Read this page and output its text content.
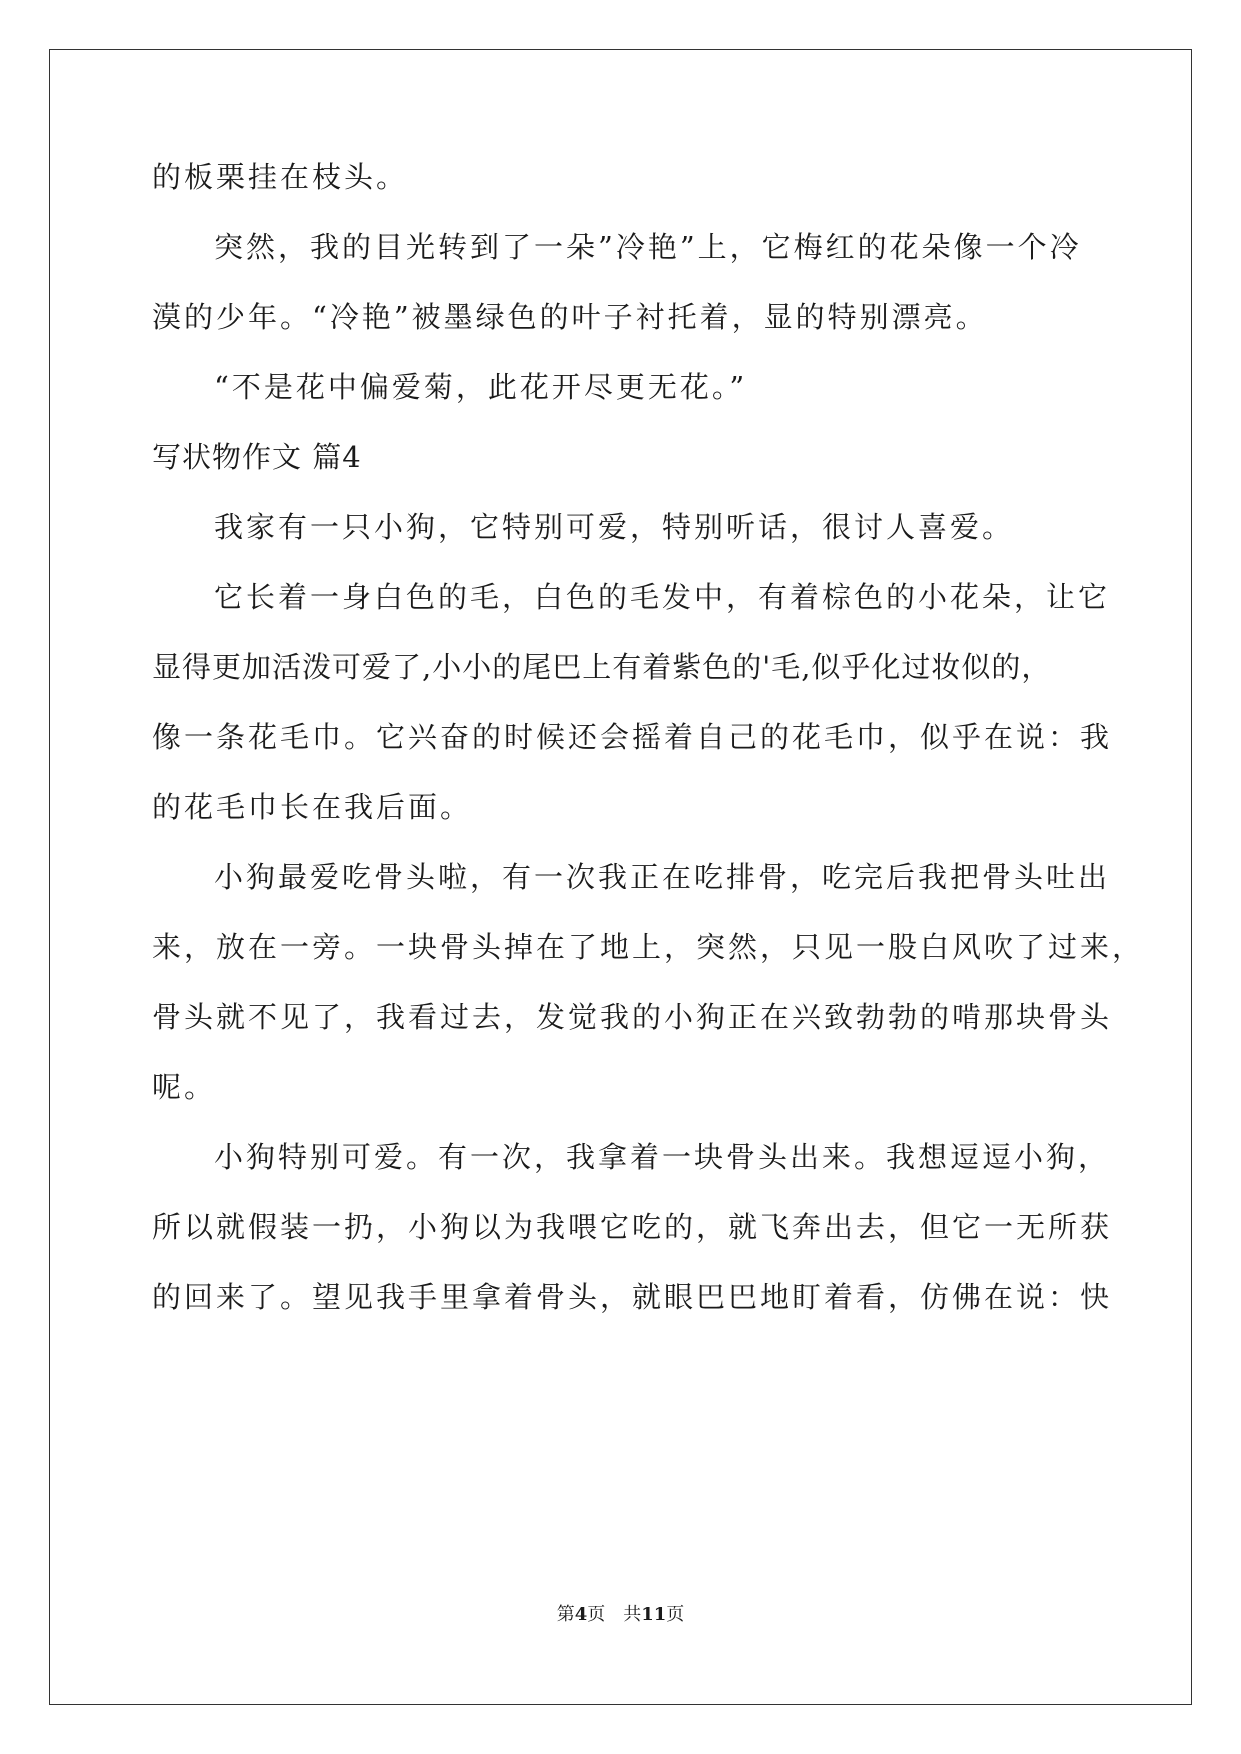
的板栗挂在枝头。
突然，我的目光转到了一朵”冷艳”上，它梅红的花朵像一个冷
漠的少年。“冷艳”被墨绿色的叶子衬托着，显的特别漂亮。
“不是花中偏爱菊，此花开尽更无花。”
写状物作文 篇4
我家有一只小狗，它特别可爱，特别听话，很讨人喜爱。
它长着一身白色的毛，白色的毛发中，有着棕色的小花朵，让它
显得更加活泼可爱了,小小的尾巴上有着紫色的'毛,似乎化过妆似的，
像一条花毛巾。它兴奋的时候还会摇着自己的花毛巾，似乎在说：我
的花毛巾长在我后面。
小狗最爱吃骨头啦，有一次我正在吃排骨，吃完后我把骨头吐出
来，放在一旁。一块骨头掉在了地上，突然，只见一股白风吹了过来，
骨头就不见了，我看过去，发觉我的小狗正在兴致勃勃的啃那块骨头
呢。
小狗特别可爱。有一次，我拿着一块骨头出来。我想逗逗小狗，
所以就假装一扔，小狗以为我喂它吃的，就飞奔出去，但它一无所获
的回来了。望见我手里拿着骨头，就眼巴巴地盯着看，仿佛在说：快
第4页 共11页
